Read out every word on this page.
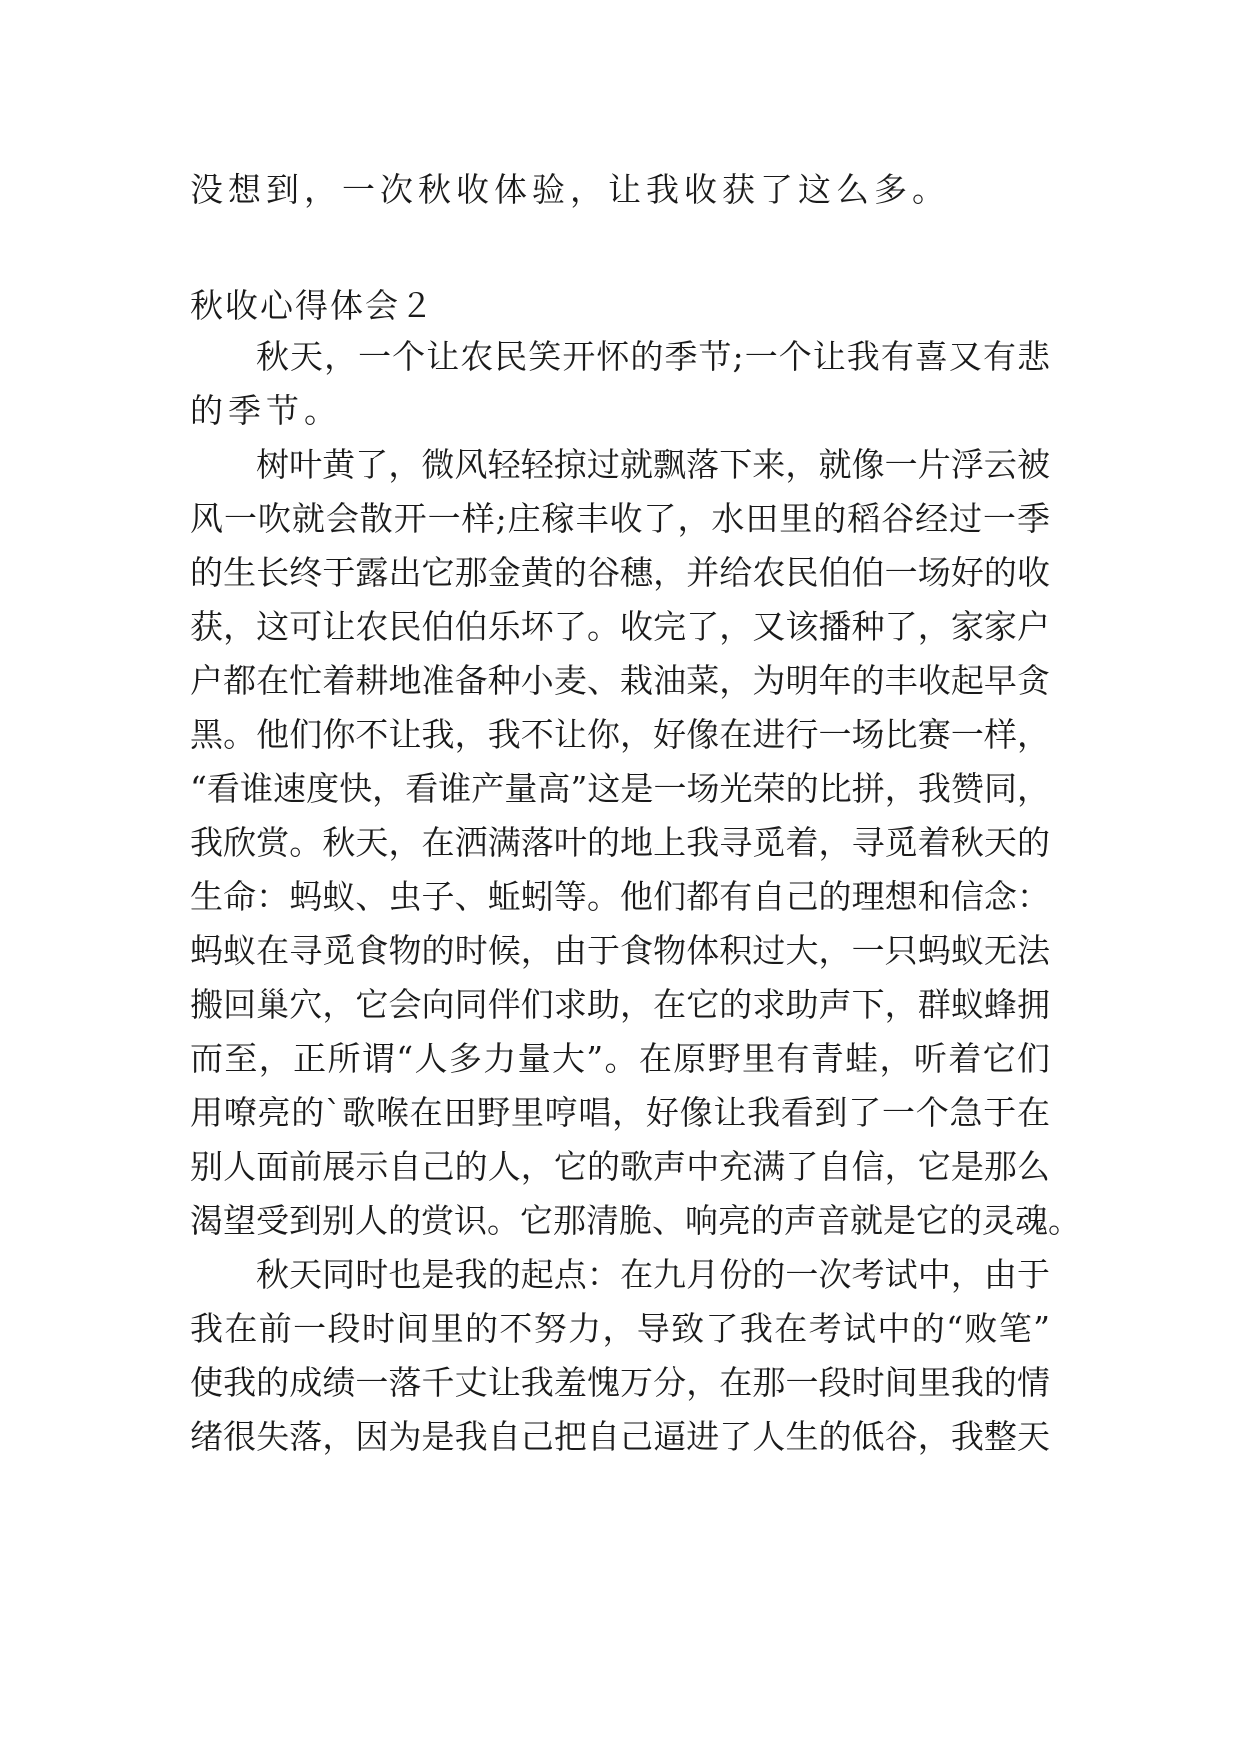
没想到，一次秋收体验，让我收获了这么多。
秋收心得体会２
秋天，一个让农民笑开怀的季节;一个让我有喜又有悲
的季节。
树叶黄了，微风轻轻掠过就飘落下来，就像一片浮云被
风一吹就会散开一样;庄稼丰收了，水田里的稻谷经过一季
的生长终于露出它那金黄的谷穗，并给农民伯伯一场好的收
获，这可让农民伯伯乐坏了。收完了，又该播种了，家家户
户都在忙着耕地准备种小麦、栽油菜，为明年的丰收起早贪
黑。他们你不让我，我不让你，好像在进行一场比赛一样，
“看谁速度快，看谁产量高”这是一场光荣的比拼，我赞同，
我欣赏。秋天，在洒满落叶的地上我寻觅着，寻觅着秋天的
生命：蚂蚁、虫子、蚯蚓等。他们都有自己的理想和信念：
蚂蚁在寻觅食物的时候，由于食物体积过大，一只蚂蚁无法
搬回巢穴，它会向同伴们求助，在它的求助声下，群蚁蜂拥
而至，正所谓“人多力量大”。在原野里有青蛙，听着它们
用嘹亮的`歌喉在田野里哼唱，好像让我看到了一个急于在
别人面前展示自己的人，它的歌声中充满了自信，它是那么
渴望受到别人的赏识。它那清脆、响亮的声音就是它的灵魂。
秋天同时也是我的起点：在九月份的一次考试中，由于
我在前一段时间里的不努力，导致了我在考试中的“败笔”
使我的成绩一落千丈让我羞愧万分，在那一段时间里我的情
绪很失落，因为是我自己把自己逼进了人生的低谷，我整天
